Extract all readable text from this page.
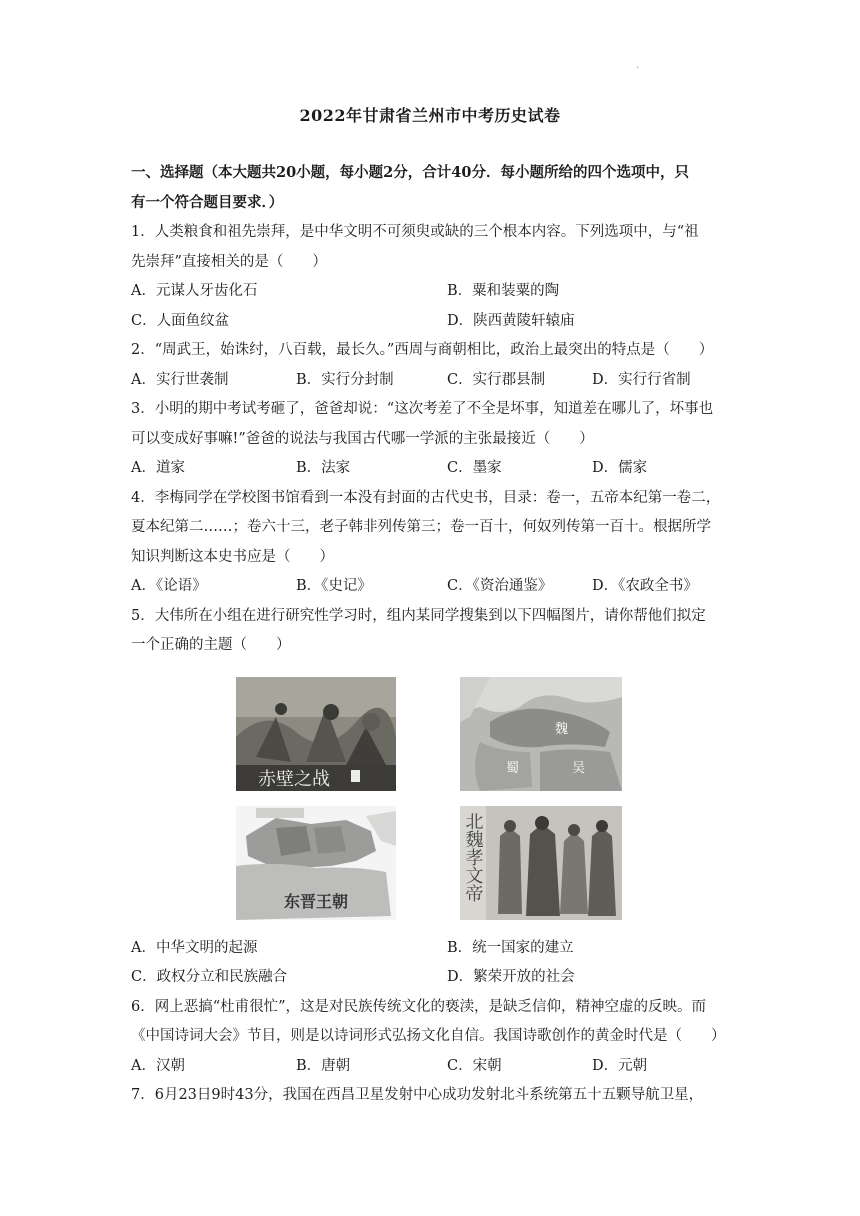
.
2022年甘肃省兰州市中考历史试卷
一、选择题（本大题共20小题，每小题2分，合计40分．每小题所给的四个选项中，只
有一个符合题目要求．）
1．人类粮食和祖先崇拜，是中华文明不可须臾或缺的三个根本内容。下列选项中，与“祖
先崇拜”直接相关的是（　　）
A．元谋人牙齿化石	B．粟和装粟的陶
C．人面鱼纹盆	D．陕西黄陵轩辕庙
2．“周武王，始诛纣，八百载，最长久。”西周与商朝相比，政治上最突出的特点是（　　）
A．实行世袭制	B．实行分封制	C．实行郡县制	D．实行行省制
3．小明的期中考试考砸了，爸爸却说：“这次考差了不全是坏事，知道差在哪儿了，坏事也
可以变成好事嘛!”爸爸的说法与我国古代哪一学派的主张最接近（　　）
A．道家	B．法家	C．墨家	D．儒家
4．李梅同学在学校图书馆看到一本没有封面的古代史书，目录：卷一，五帝本纪第一卷二，
夏本纪第二……；卷六十三，老子韩非列传第三；卷一百十，何奴列传第一百十。根据所学
知识判断这本史书应是（　　）
A．《论语》	B．《史记》	C．《资治通鉴》	D．《农政全书》
5．大伟所在小组在进行研究性学习时，组内某同学搜集到以下四幅图片，请你帮他们拟定
一个正确的主题（　　）
赤壁之战
魏
蜀	吴
东晋王朝	北魏孝文帝
A．中华文明的起源	B．统一国家的建立
C．政权分立和民族融合	D．繁荣开放的社会
6．网上恶搞“杜甫很忙”，这是对民族传统文化的亵渎，是缺乏信仰，精神空虚的反映。而
《中国诗词大会》节目，则是以诗词形式弘扬文化自信。我国诗歌创作的黄金时代是（　　）
A．汉朝	B．唐朝	C．宋朝	D．元朝
7．6月23日9时43分，我国在西昌卫星发射中心成功发射北斗系统第五十五颗导航卫星，
